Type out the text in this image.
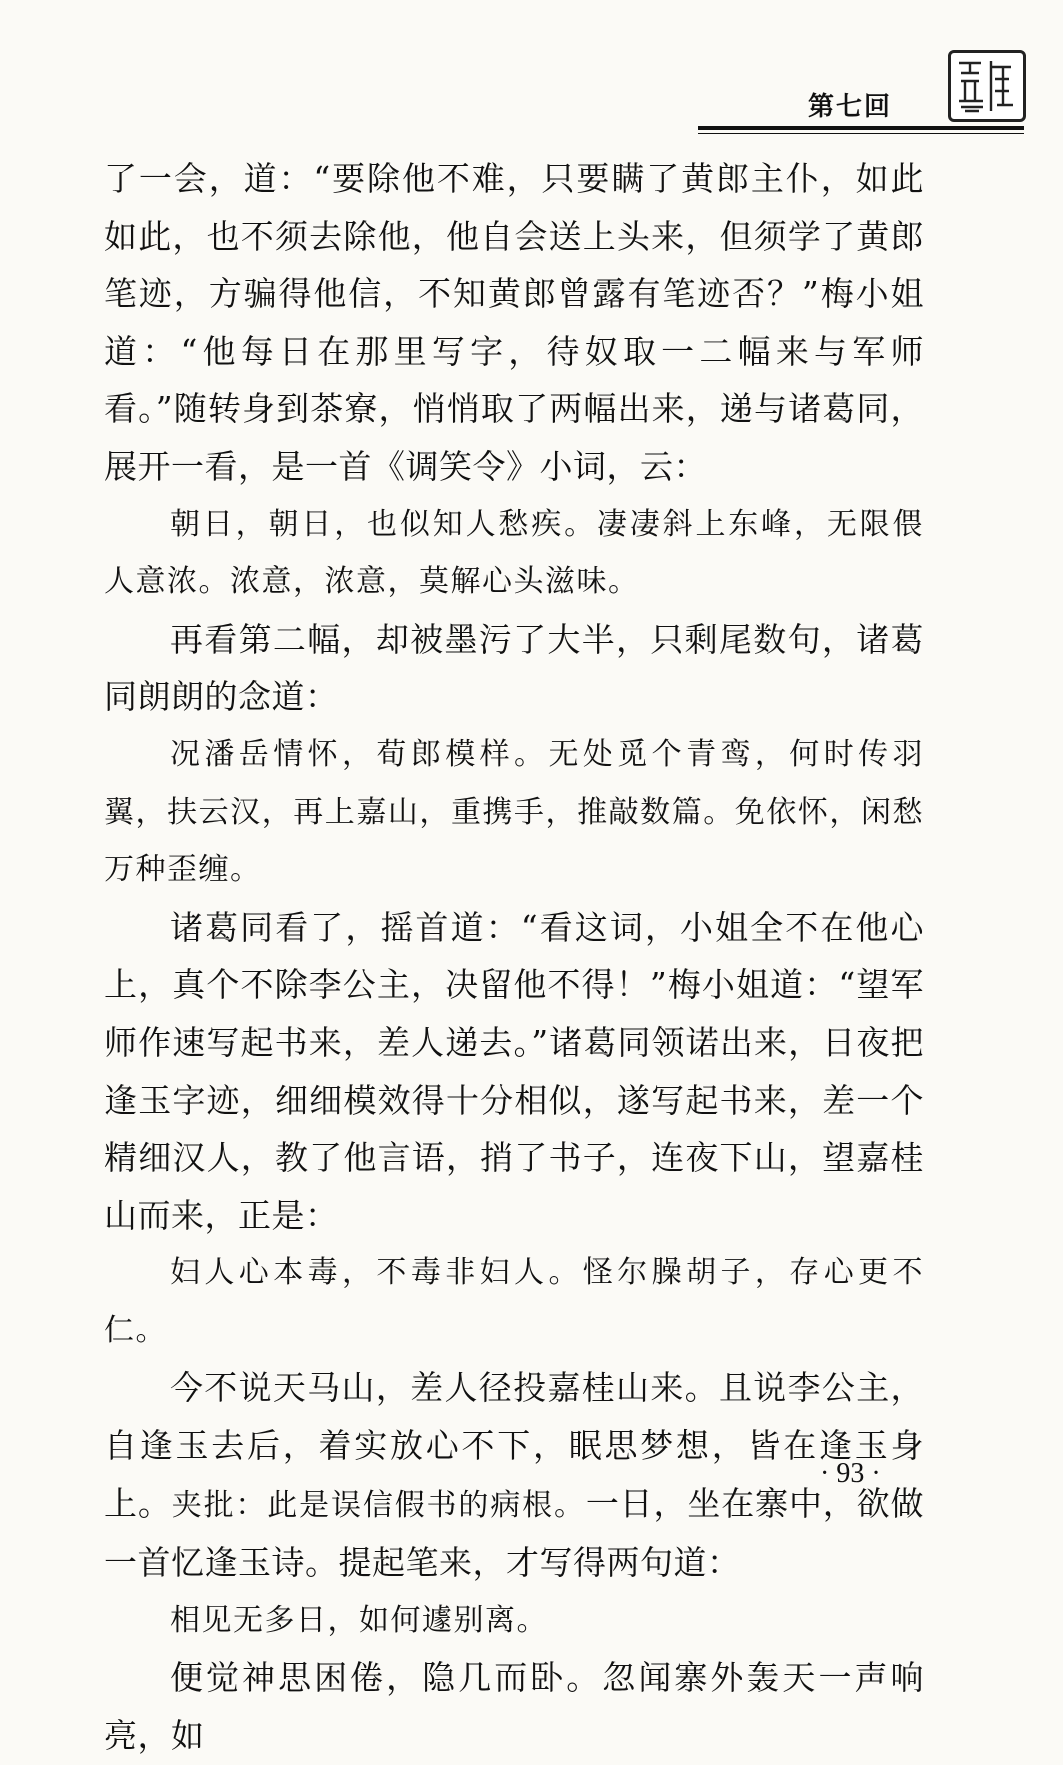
第七回

了一会，道：“要除他不难，只要瞒了黄郎主仆，如此如此，也不须去除他，他自会送上头来，但须学了黄郎笔迹，方骗得他信，不知黄郎曾露有笔迹否？”梅小姐道：“他每日在那里写字，待奴取一二幅来与军师看。”随转身到茶寮，悄悄取了两幅出来，递与诸葛同，展开一看，是一首《调笑令》小词，云：

朝日，朝日，也似知人愁疾。凄凄斜上东峰，无限偎人意浓。浓意，浓意，莫解心头滋味。

再看第二幅，却被墨污了大半，只剩尾数句，诸葛同朗朗的念道：

况潘岳情怀，荀郎模样。无处觅个青鸾，何时传羽翼，扶云汉，再上嘉山，重携手，推敲数篇。免依怀，闲愁万种歪缠。

诸葛同看了，摇首道：“看这词，小姐全不在他心上，真个不除李公主，决留他不得！”梅小姐道：“望军师作速写起书来，差人递去。”诸葛同领诺出来，日夜把逢玉字迹，细细模效得十分相似，遂写起书来，差一个精细汉人，教了他言语，捎了书子，连夜下山，望嘉桂山而来，正是：

妇人心本毒，不毒非妇人。怪尔臊胡子，存心更不仁。

今不说天马山，差人径投嘉桂山来。且说李公主，自逢玉去后，着实放心不下，眠思梦想，皆在逢玉身上。夹批：此是误信假书的病根。一日，坐在寨中，欲做一首忆逢玉诗。提起笔来，才写得两句道：

相见无多日，如何遽别离。

便觉神思困倦，隐几而卧。忽闻寨外轰天一声响亮，如

· 93 ·
